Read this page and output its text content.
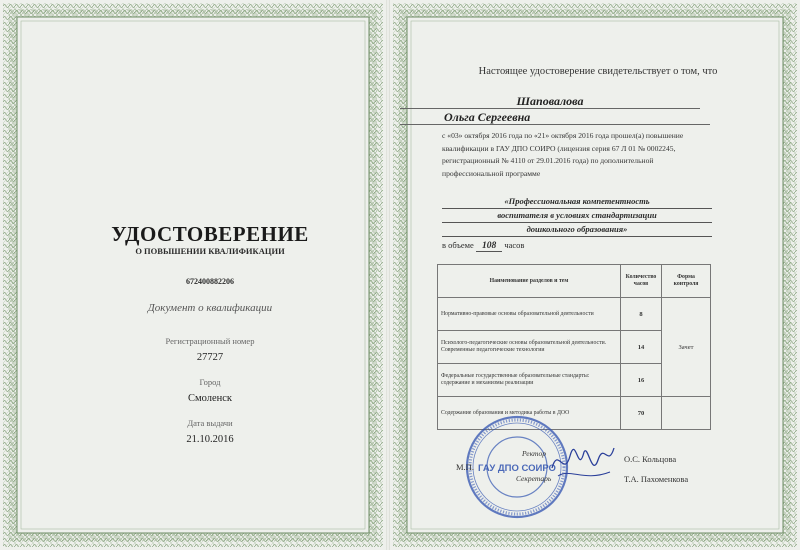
УДОСТОВЕРЕНИЕ
О ПОВЫШЕНИИ КВАЛИФИКАЦИИ
672400882206
Документ о квалификации
Регистрационный номер
27727
Город
Смоленск
Дата выдачи
21.10.2016
Настоящее удостоверение свидетельствует о том, что
Шаповалова
Ольга Сергеевна
с «03» октября 2016 года по «21» октября 2016 года прошел(а) повышение квалификации в ГАУ ДПО СОИРО (лицензия серия 67 Л 01 № 0002245, регистрационный № 4110 от 29.01.2016 года) по дополнительной профессиональной программе
«Профессиональная компетентность
воспитателя в условиях стандартизации
дошкольного образования»
в объеме 108 часов
Наименование разделов и тем	Количество часов	Форма контроля
Нормативно-правовые основы образовательной деятельности	8	Зачет
Психолого-педагогические основы образовательной деятельности. Современные педагогические технологии	14	
Федеральные государственные образовательные стандарты: содержание и механизмы реализации	16	
Содержание образования и методика работы в ДОО	70	
ГАУ ДПО СОИРО
М.П.
Ректор
Секретарь
О.С. Кольцова
Т.А. Пахоменкова
